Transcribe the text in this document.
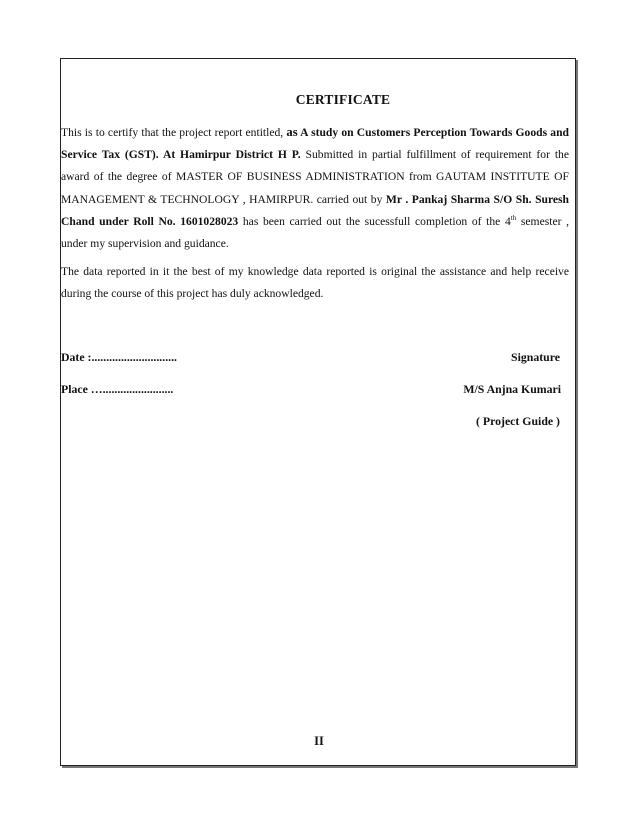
CERTIFICATE
This is to certify that the project report entitled, as A study on Customers Perception Towards Goods and Service Tax (GST). At Hamirpur District H P. Submitted in partial fulfillment of requirement for the award of the degree of MASTER OF BUSINESS ADMINISTRATION from GAUTAM INSTITUTE OF MANAGEMENT & TECHNOLOGY , HAMIRPUR. carried out by Mr . Pankaj Sharma S/O Sh. Suresh Chand under Roll No. 1601028023 has been carried out the sucessfull completion of the 4th semester , under my supervision and guidance.
The data reported in it the best of my knowledge data reported is original the assistance and help receive during the course of this project has duly acknowledged.
Date :.............................	Signature
Place …........................	M/S Anjna Kumari
( Project Guide )
II
